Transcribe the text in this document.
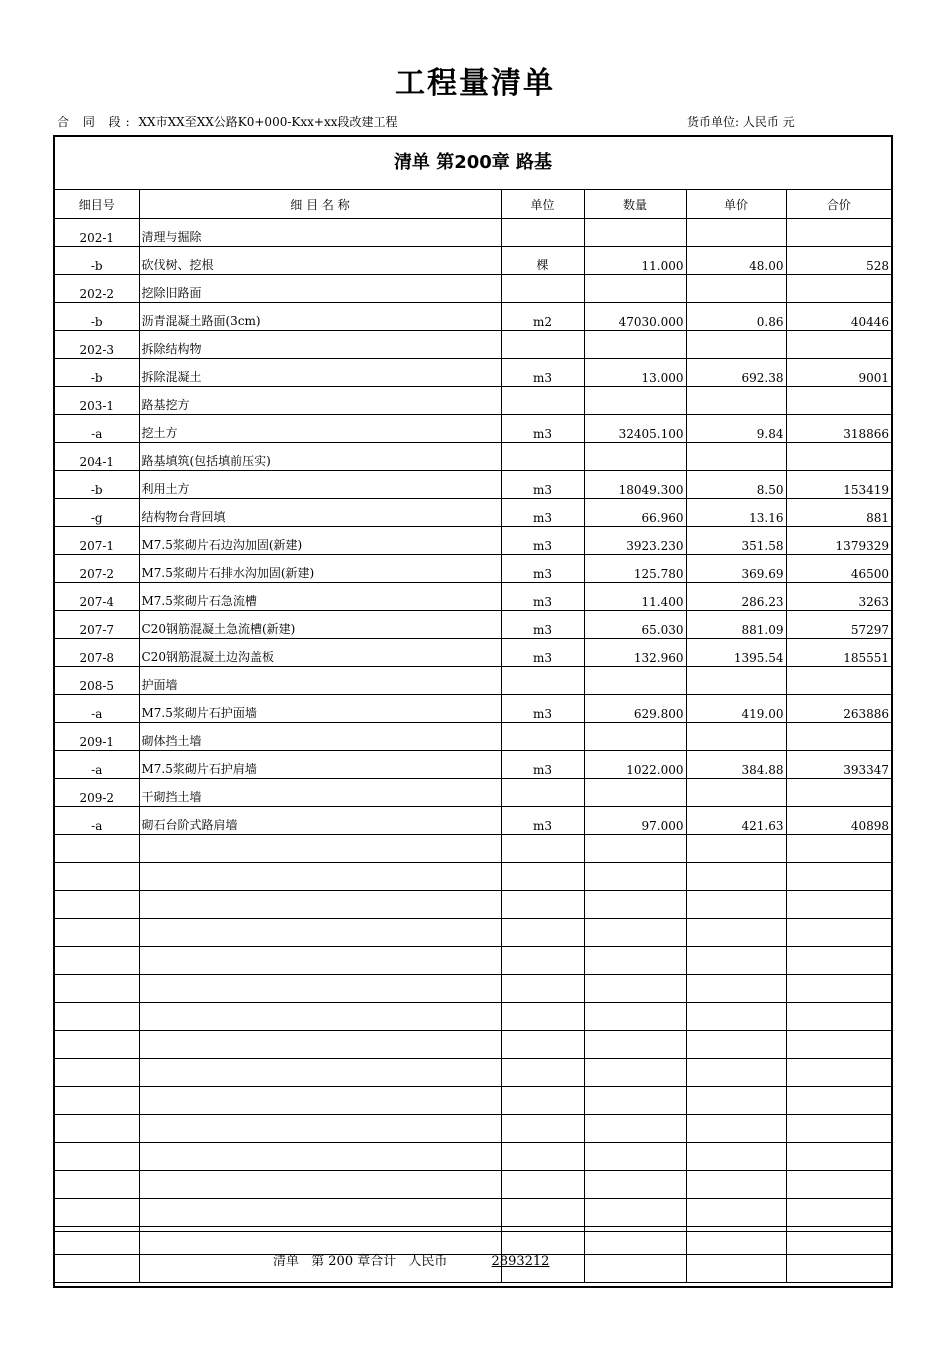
工程量清单
合 同 段: XX市XX至XX公路K0+000-Kxx+xx段改建工程	货币单位: 人民币 元
清单 第200章 路基
细目号	细 目 名 称	单位	数量	单价	合价
202-1	清理与掘除				
-b	砍伐树、挖根	棵	11.000	48.00	528
202-2	挖除旧路面				
-b	沥青混凝土路面(3cm)	m2	47030.000	0.86	40446
202-3	拆除结构物				
-b	拆除混凝土	m3	13.000	692.38	9001
203-1	路基挖方				
-a	挖土方	m3	32405.100	9.84	318866
204-1	路基填筑(包括填前压实)				
-b	利用土方	m3	18049.300	8.50	153419
-g	结构物台背回填	m3	66.960	13.16	881
207-1	M7.5浆砌片石边沟加固(新建)	m3	3923.230	351.58	1379329
207-2	M7.5浆砌片石排水沟加固(新建)	m3	125.780	369.69	46500
207-4	M7.5浆砌片石急流槽	m3	11.400	286.23	3263
207-7	C20钢筋混凝土急流槽(新建)	m3	65.030	881.09	57297
207-8	C20钢筋混凝土边沟盖板	m3	132.960	1395.54	185551
208-5	护面墙				
-a	M7.5浆砌片石护面墙	m3	629.800	419.00	263886
209-1	砌体挡土墙				
-a	M7.5浆砌片石护肩墙	m3	1022.000	384.88	393347
209-2	干砌挡土墙				
-a	砌石台阶式路肩墙	m3	97.000	421.63	40898

清单 第 200 章合计 人民币	2893212
